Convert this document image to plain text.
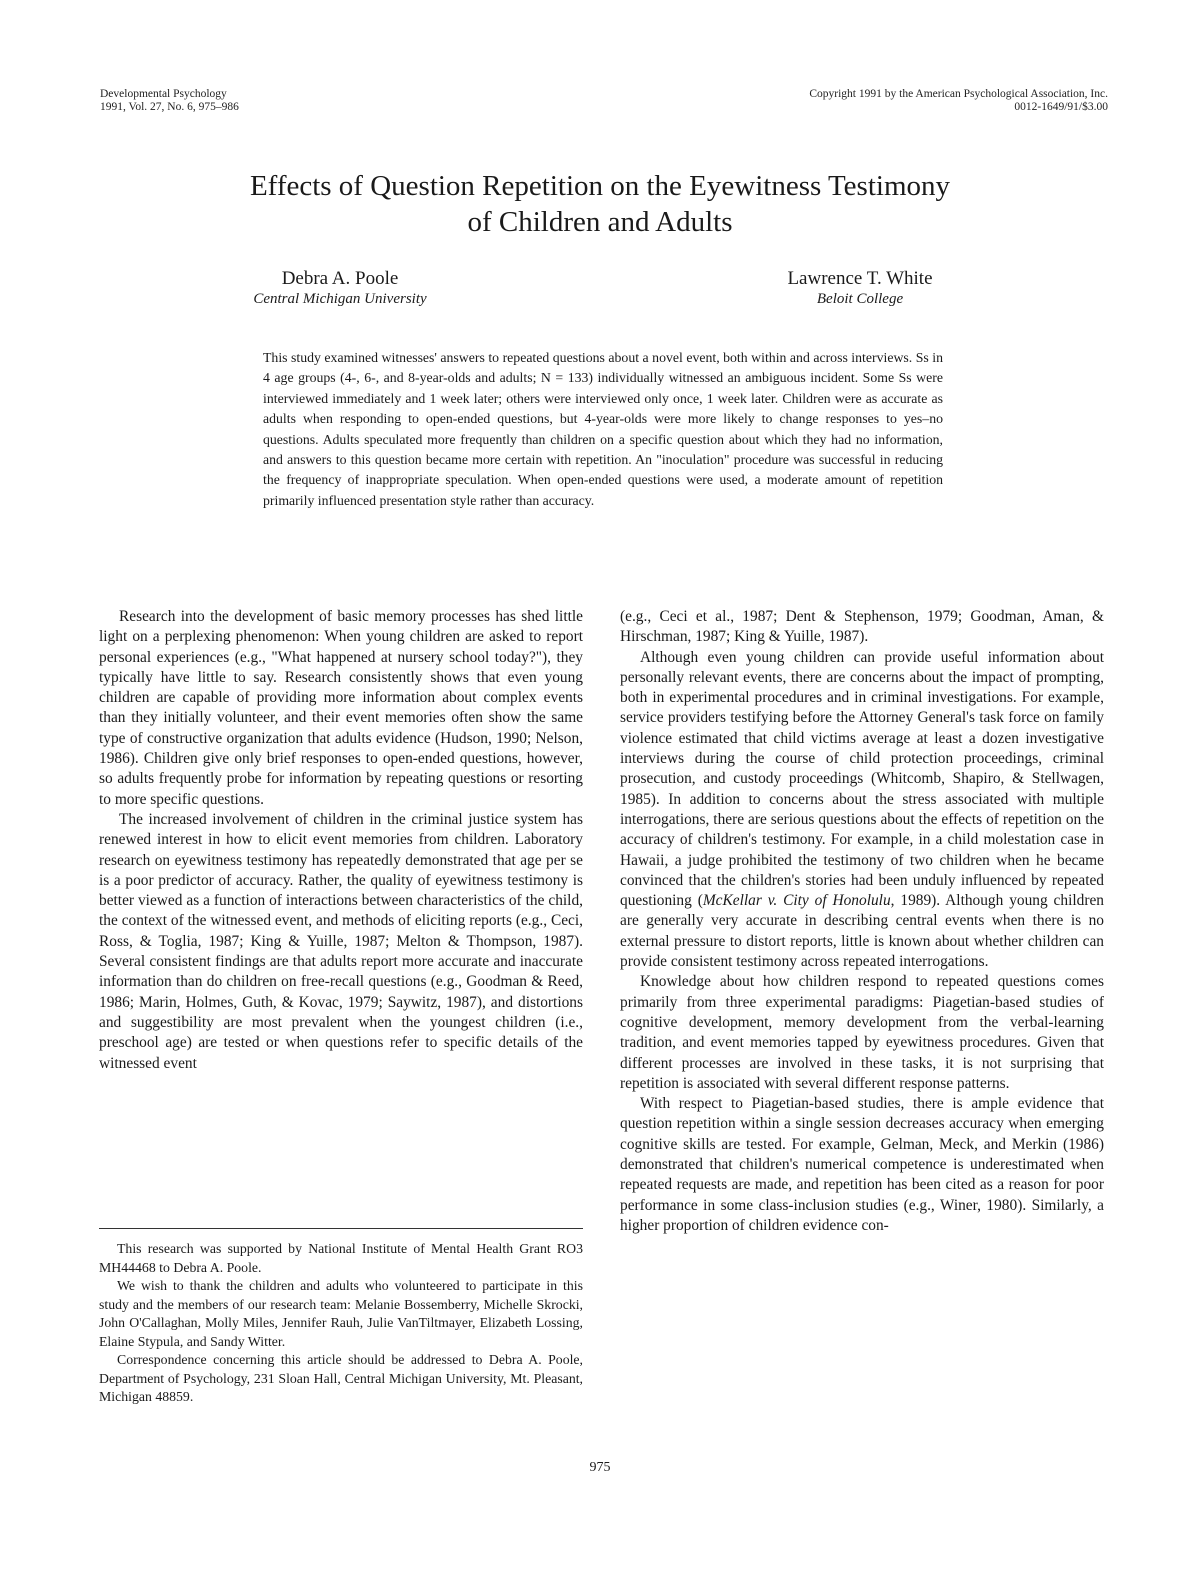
Developmental Psychology
1991, Vol. 27, No. 6, 975–986
Copyright 1991 by the American Psychological Association, Inc.
0012-1649/91/$3.00
Effects of Question Repetition on the Eyewitness Testimony
of Children and Adults
Debra A. Poole
Central Michigan University
Lawrence T. White
Beloit College
This study examined witnesses' answers to repeated questions about a novel event, both within and across interviews. Ss in 4 age groups (4-, 6-, and 8-year-olds and adults; N = 133) individually witnessed an ambiguous incident. Some Ss were interviewed immediately and 1 week later; others were interviewed only once, 1 week later. Children were as accurate as adults when responding to open-ended questions, but 4-year-olds were more likely to change responses to yes–no questions. Adults speculated more frequently than children on a specific question about which they had no information, and answers to this question became more certain with repetition. An "inoculation" procedure was successful in reducing the frequency of inappropriate speculation. When open-ended questions were used, a moderate amount of repetition primarily influenced presentation style rather than accuracy.

Research into the development of basic memory processes has shed little light on a perplexing phenomenon: When young children are asked to report personal experiences (e.g., "What happened at nursery school today?"), they typically have little to say. Research consistently shows that even young children are capable of providing more information about complex events than they initially volunteer, and their event memories often show the same type of constructive organization that adults evidence (Hudson, 1990; Nelson, 1986). Children give only brief responses to open-ended questions, however, so adults frequently probe for information by repeating questions or resorting to more specific questions.

The increased involvement of children in the criminal justice system has renewed interest in how to elicit event memories from children. Laboratory research on eyewitness testimony has repeatedly demonstrated that age per se is a poor predictor of accuracy. Rather, the quality of eyewitness testimony is better viewed as a function of interactions between characteristics of the child, the context of the witnessed event, and methods of eliciting reports (e.g., Ceci, Ross, & Toglia, 1987; King & Yuille, 1987; Melton & Thompson, 1987). Several consistent findings are that adults report more accurate and inaccurate information than do children on free-recall questions (e.g., Goodman & Reed, 1986; Marin, Holmes, Guth, & Kovac, 1979; Saywitz, 1987), and distortions and suggestibility are most prevalent when the youngest children (i.e., preschool age) are tested or when questions refer to specific details of the witnessed event

This research was supported by National Institute of Mental Health Grant RO3 MH44468 to Debra A. Poole.

We wish to thank the children and adults who volunteered to participate in this study and the members of our research team: Melanie Bossemberry, Michelle Skrocki, John O'Callaghan, Molly Miles, Jennifer Rauh, Julie VanTiltmayer, Elizabeth Lossing, Elaine Stypula, and Sandy Witter.

Correspondence concerning this article should be addressed to Debra A. Poole, Department of Psychology, 231 Sloan Hall, Central Michigan University, Mt. Pleasant, Michigan 48859.

(e.g., Ceci et al., 1987; Dent & Stephenson, 1979; Goodman, Aman, & Hirschman, 1987; King & Yuille, 1987).

Although even young children can provide useful information about personally relevant events, there are concerns about the impact of prompting, both in experimental procedures and in criminal investigations. For example, service providers testifying before the Attorney General's task force on family violence estimated that child victims average at least a dozen investigative interviews during the course of child protection proceedings, criminal prosecution, and custody proceedings (Whitcomb, Shapiro, & Stellwagen, 1985). In addition to concerns about the stress associated with multiple interrogations, there are serious questions about the effects of repetition on the accuracy of children's testimony. For example, in a child molestation case in Hawaii, a judge prohibited the testimony of two children when he became convinced that the children's stories had been unduly influenced by repeated questioning (McKellar v. City of Honolulu, 1989). Although young children are generally very accurate in describing central events when there is no external pressure to distort reports, little is known about whether children can provide consistent testimony across repeated interrogations.

Knowledge about how children respond to repeated questions comes primarily from three experimental paradigms: Piagetian-based studies of cognitive development, memory development from the verbal-learning tradition, and event memories tapped by eyewitness procedures. Given that different processes are involved in these tasks, it is not surprising that repetition is associated with several different response patterns.

With respect to Piagetian-based studies, there is ample evidence that question repetition within a single session decreases accuracy when emerging cognitive skills are tested. For example, Gelman, Meck, and Merkin (1986) demonstrated that children's numerical competence is underestimated when repeated requests are made, and repetition has been cited as a reason for poor performance in some class-inclusion studies (e.g., Winer, 1980). Similarly, a higher proportion of children evidence con-

975
